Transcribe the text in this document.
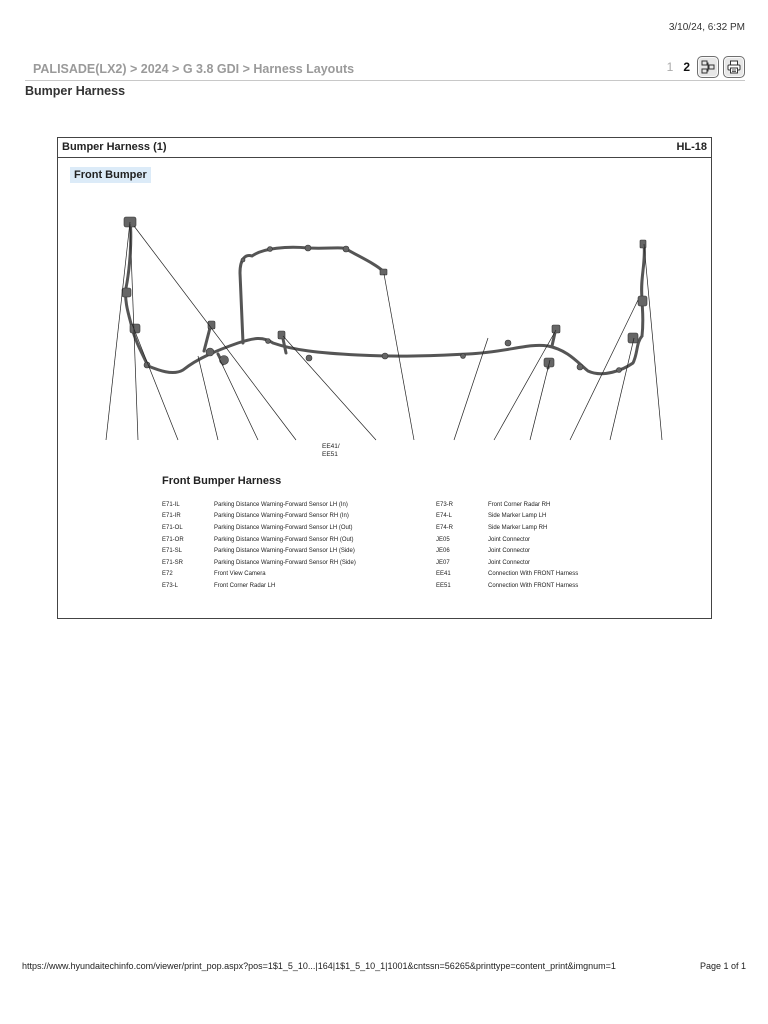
3/10/24, 6:32 PM
PALISADE(LX2) > 2024 > G 3.8 GDI > Harness Layouts	1 2
Bumper Harness
Bumper Harness (1)	HL-18
Front Bumper
EE41/
EE51
Front Bumper Harness
E71-IL	Parking Distance Warning-Forward Sensor LH (In)
E71-IR	Parking Distance Warning-Forward Sensor RH (In)
E71-OL	Parking Distance Warning-Forward Sensor LH (Out)
E71-OR	Parking Distance Warning-Forward Sensor RH (Out)
E71-SL	Parking Distance Warning-Forward Sensor LH (Side)
E71-SR	Parking Distance Warning-Forward Sensor RH (Side)
E72	Front View Camera
E73-L	Front Corner Radar LH
E73-R	Front Corner Radar RH
E74-L	Side Marker Lamp LH
E74-R	Side Marker Lamp RH
JE05	Joint Connector
JE06	Joint Connector
JE07	Joint Connector
EE41	Connection With FRONT Harness
EE51	Connection With FRONT Harness
https://www.hyundaitechinfo.com/viewer/print_pop.aspx?pos=1$1_5_10...|164|1$1_5_10_1|1001&cntssn=56265&printtype=content_print&imgnum=1	Page 1 of 1
